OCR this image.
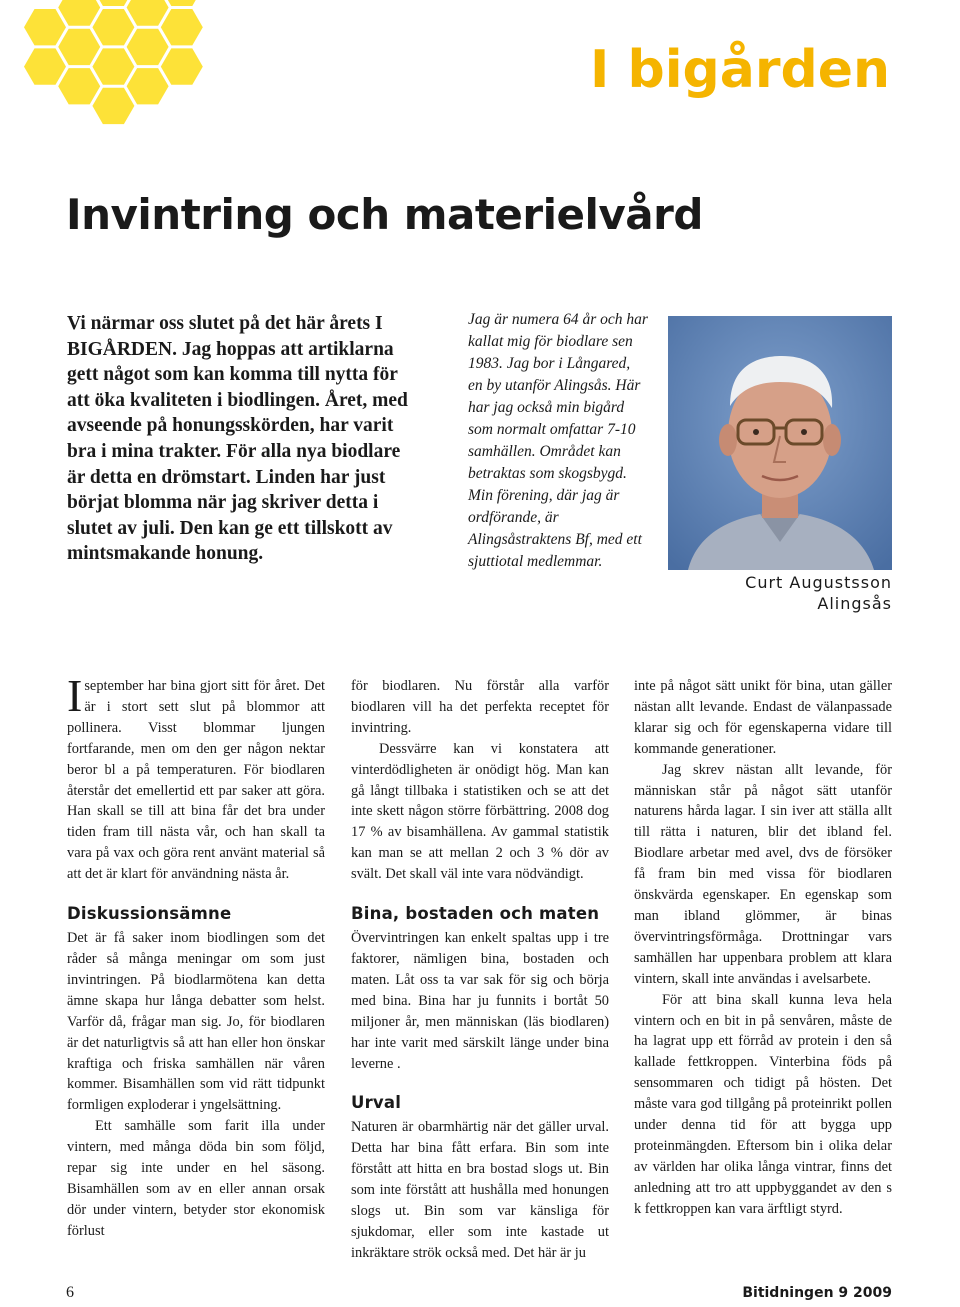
I bigården
Invintring och materielvård

Vi närmar oss slutet på det här årets I BIGÅRDEN. Jag hoppas att artiklarna gett något som kan komma till nytta för att öka kvaliteten i biodlingen. Året, med avseende på honungsskörden, har varit bra i mina trakter. För alla nya biodlare är detta en drömstart. Linden har just börjat blomma när jag skriver detta i slutet av juli. Den kan ge ett tillskott av mintsmakande honung.

Jag är numera 64 år och har kallat mig för biodlare sen 1983. Jag bor i Långared, en by utanför Alingsås. Här har jag också min bigård som normalt omfattar 7-10 samhällen. Området kan betraktas som skogsbygd. Min förening, där jag är ordförande, är Alingsåstraktens Bf, med ett sjuttiotal medlemmar.

Curt Augustsson
Alingsås

Iseptember har bina gjort sitt för året. Det är i stort sett slut på blommor att pollinera. Visst blommar ljungen fortfarande, men om den ger någon nektar beror bl a på temperaturen. För biodlaren återstår det emellertid ett par saker att göra. Han skall se till att bina får det bra under tiden fram till nästa vår, och han skall ta vara på vax och göra rent använt material så att det är klart för användning nästa år.

Diskussionsämne

Det är få saker inom biodlingen som det råder så många meningar om som just invintringen. På biodlarmötena kan detta ämne skapa hur långa debatter som helst. Varför då, frågar man sig. Jo, för biodlaren är det naturligtvis så att han eller hon önskar kraftiga och friska samhällen när våren kommer. Bisamhällen som vid rätt tidpunkt formligen exploderar i yngelsättning.

Ett samhälle som farit illa under vintern, med många döda bin som följd, repar sig inte under en hel säsong. Bisamhällen som av en eller annan orsak dör under vintern, betyder stor ekonomisk förlust

för biodlaren. Nu förstår alla varför biodlaren vill ha det perfekta receptet för invintring.

Dessvärre kan vi konstatera att vinterdödligheten är onödigt hög. Man kan gå långt tillbaka i statistiken och se att det inte skett någon större förbättring. 2008 dog 17 % av bisamhällena. Av gammal statistik kan man se att mellan 2 och 3 % dör av svält. Det skall väl inte vara nödvändigt.

Bina, bostaden och maten

Övervintringen kan enkelt spaltas upp i tre faktorer, nämligen bina, bostaden och maten. Låt oss ta var sak för sig och börja med bina. Bina har ju funnits i bortåt 50 miljoner år, men människan (läs biodlaren) har inte varit med särskilt länge under bina leverne .

Urval

Naturen är obarmhärtig när det gäller urval. Detta har bina fått erfara. Bin som inte förstått att hitta en bra bostad slogs ut. Bin som inte förstått att hushålla med honungen slogs ut. Bin som var känsliga för sjukdomar, eller som inte kastade ut inkräktare strök också med. Det här är ju

inte på något sätt unikt för bina, utan gäller nästan allt levande. Endast de välanpassade klarar sig och för egenskaperna vidare till kommande generationer.

Jag skrev nästan allt levande, för människan står på något sätt utanför naturens hårda lagar. I sin iver att ställa allt till rätta i naturen, blir det ibland fel. Biodlare arbetar med avel, dvs de försöker få fram bin med vissa för biodlaren önskvärda egenskaper. En egenskap som man ibland glömmer, är binas övervintringsförmåga. Drottningar vars samhällen har uppenbara problem att klara vintern, skall inte användas i avelsarbete.

För att bina skall kunna leva hela vintern och en bit in på senvåren, måste de ha lagrat upp ett förråd av protein i den så kallade fettkroppen. Vinterbina föds på sensommaren och tidigt på hösten. Det måste vara god tillgång på proteinrikt pollen under denna tid för att bygga upp proteinmängden. Eftersom bin i olika delar av världen har olika långa vintrar, finns det anledning att tro att uppbyggandet av den s k fettkroppen kan vara ärftligt styrd.

6	Bitidningen 9 2009
